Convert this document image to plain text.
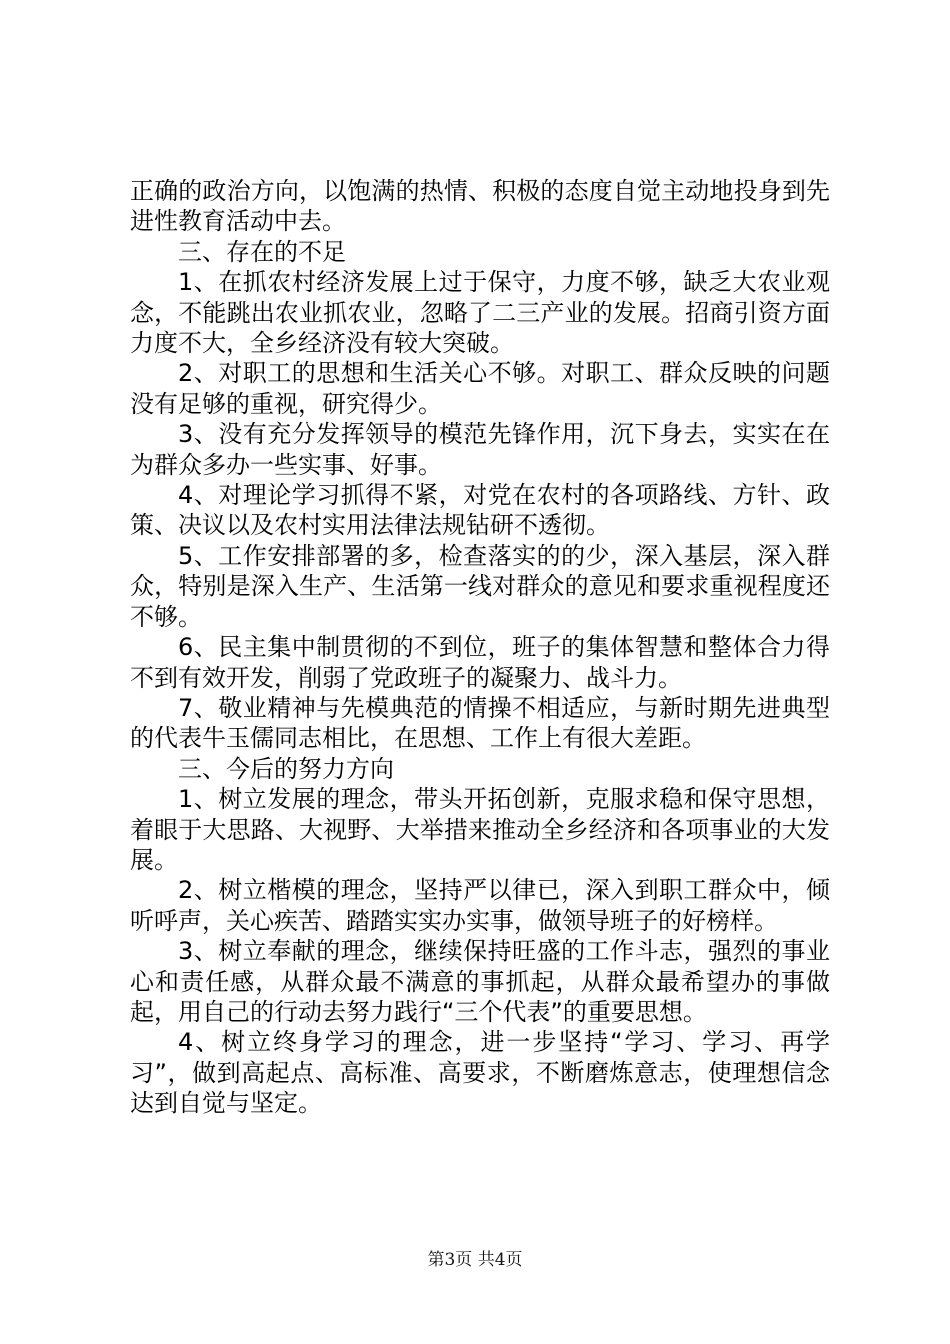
正确的政治方向，以饱满的热情、积极的态度自觉主动地投身到先进性教育活动中去。

三、存在的不足

1、在抓农村经济发展上过于保守，力度不够，缺乏大农业观念，不能跳出农业抓农业，忽略了二三产业的发展。招商引资方面力度不大，全乡经济没有较大突破。

2、对职工的思想和生活关心不够。对职工、群众反映的问题没有足够的重视，研究得少。

3、没有充分发挥领导的模范先锋作用，沉下身去，实实在在为群众多办一些实事、好事。

4、对理论学习抓得不紧，对党在农村的各项路线、方针、政策、决议以及农村实用法律法规钻研不透彻。

5、工作安排部署的多，检查落实的的少，深入基层，深入群众，特别是深入生产、生活第一线对群众的意见和要求重视程度还不够。

6、民主集中制贯彻的不到位，班子的集体智慧和整体合力得不到有效开发，削弱了党政班子的凝聚力、战斗力。

7、敬业精神与先模典范的情操不相适应，与新时期先进典型的代表牛玉儒同志相比，在思想、工作上有很大差距。

三、今后的努力方向

1、树立发展的理念，带头开拓创新，克服求稳和保守思想，着眼于大思路、大视野、大举措来推动全乡经济和各项事业的大发展。

2、树立楷模的理念，坚持严以律已，深入到职工群众中，倾听呼声，关心疾苦、踏踏实实办实事，做领导班子的好榜样。

3、树立奉献的理念，继续保持旺盛的工作斗志，强烈的事业心和责任感，从群众最不满意的事抓起，从群众最希望办的事做起，用自己的行动去努力践行“三个代表”的重要思想。

4、树立终身学习的理念，进一步坚持“学习、学习、再学习”，做到高起点、高标准、高要求，不断磨炼意志，使理想信念达到自觉与坚定。

第3页 共4页
